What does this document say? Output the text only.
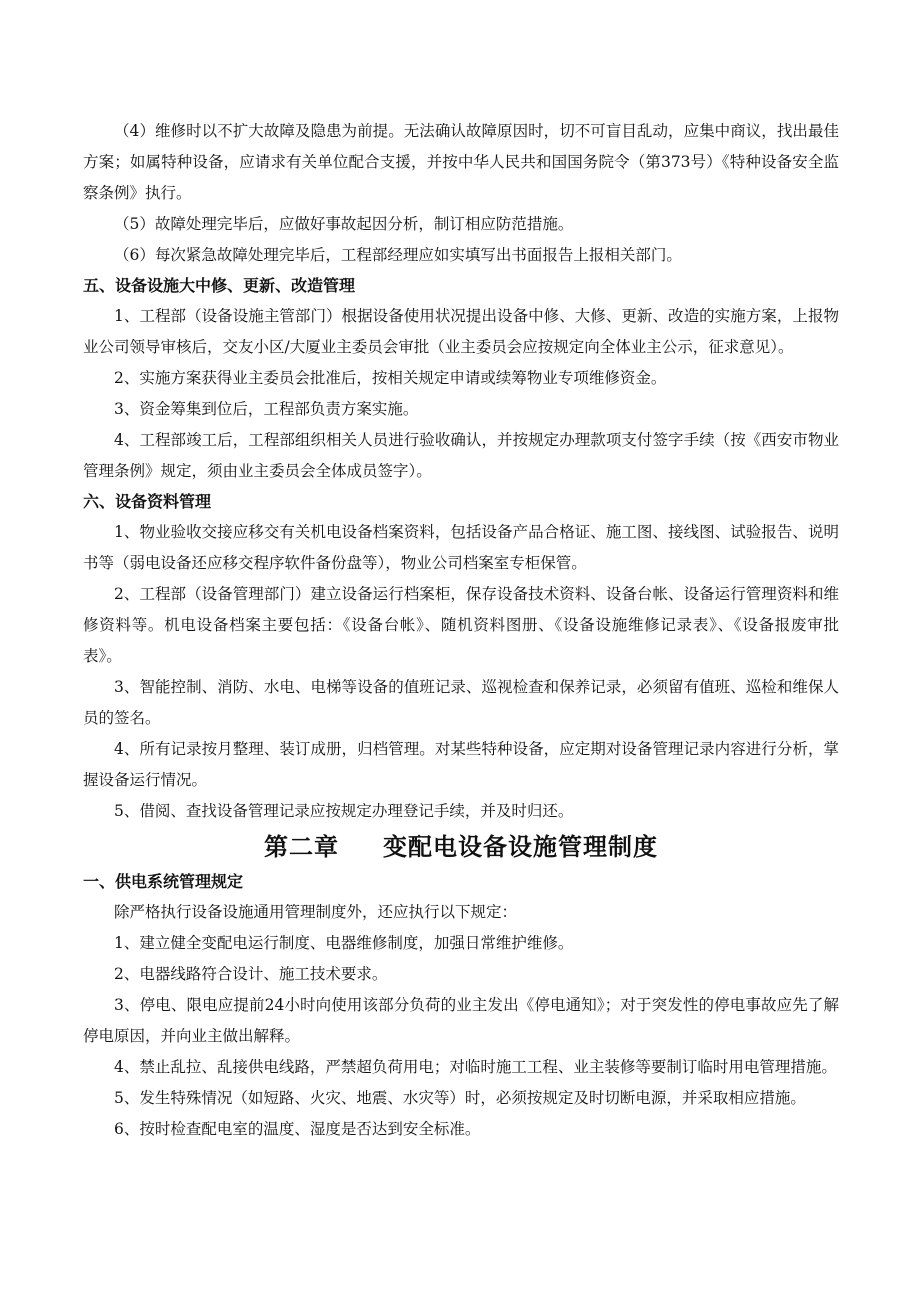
（4）维修时以不扩大故障及隐患为前提。无法确认故障原因时，切不可盲目乱动，应集中商议，找出最佳方案；如属特种设备，应请求有关单位配合支援，并按中华人民共和国国务院令（第373号）《特种设备安全监察条例》执行。

（5）故障处理完毕后，应做好事故起因分析，制订相应防范措施。

（6）每次紧急故障处理完毕后，工程部经理应如实填写出书面报告上报相关部门。

五、设备设施大中修、更新、改造管理

1、工程部（设备设施主管部门）根据设备使用状况提出设备中修、大修、更新、改造的实施方案，上报物业公司领导审核后，交友小区/大厦业主委员会审批（业主委员会应按规定向全体业主公示，征求意见）。

2、实施方案获得业主委员会批准后，按相关规定申请或续筹物业专项维修资金。

3、资金筹集到位后，工程部负责方案实施。

4、工程部竣工后，工程部组织相关人员进行验收确认，并按规定办理款项支付签字手续（按《西安市物业管理条例》规定，须由业主委员会全体成员签字）。

六、设备资料管理

1、物业验收交接应移交有关机电设备档案资料，包括设备产品合格证、施工图、接线图、试验报告、说明书等（弱电设备还应移交程序软件备份盘等），物业公司档案室专柜保管。

2、工程部（设备管理部门）建立设备运行档案柜，保存设备技术资料、设备台帐、设备运行管理资料和维修资料等。机电设备档案主要包括：《设备台帐》、随机资料图册、《设备设施维修记录表》、《设备报废审批表》。

3、智能控制、消防、水电、电梯等设备的值班记录、巡视检查和保养记录，必须留有值班、巡检和维保人员的签名。

4、所有记录按月整理、装订成册，归档管理。对某些特种设备，应定期对设备管理记录内容进行分析，掌握设备运行情况。

5、借阅、查找设备管理记录应按规定办理登记手续，并及时归还。

第二章 变配电设备设施管理制度

一、供电系统管理规定

除严格执行设备设施通用管理制度外，还应执行以下规定：

1、建立健全变配电运行制度、电器维修制度，加强日常维护维修。

2、电器线路符合设计、施工技术要求。

3、停电、限电应提前24小时向使用该部分负荷的业主发出《停电通知》；对于突发性的停电事故应先了解停电原因，并向业主做出解释。

4、禁止乱拉、乱接供电线路，严禁超负荷用电；对临时施工工程、业主装修等要制订临时用电管理措施。

5、发生特殊情况（如短路、火灾、地震、水灾等）时，必须按规定及时切断电源，并采取相应措施。

6、按时检查配电室的温度、湿度是否达到安全标准。
